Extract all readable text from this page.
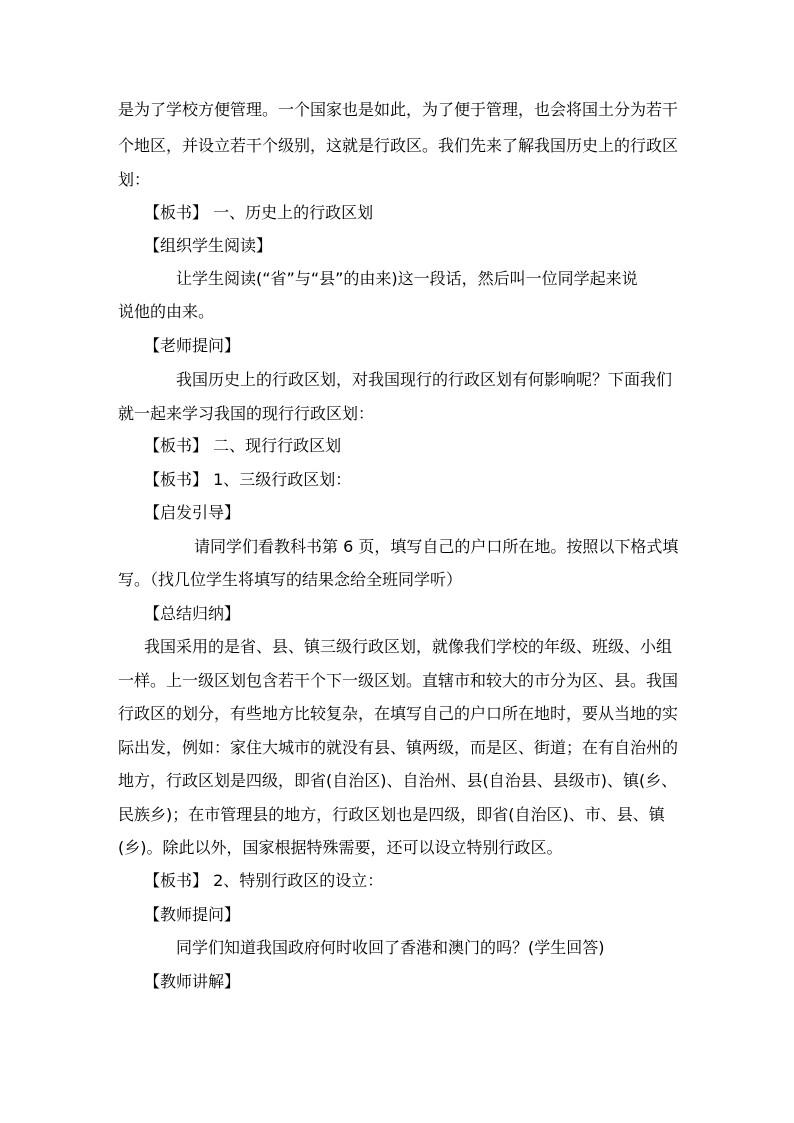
是为了学校方便管理。一个国家也是如此，为了便于管理，也会将国土分为若干
个地区，并设立若干个级别，这就是行政区。我们先来了解我国历史上的行政区
划：
【板书】 一、历史上的行政区划
【组织学生阅读】
让学生阅读(“省”与“县”的由来)这一段话，然后叫一位同学起来说
说他的由来。
【老师提问】
我国历史上的行政区划，对我国现行的行政区划有何影响呢？下面我们
就一起来学习我国的现行行政区划：
【板书】 二、现行行政区划
【板书】 1、三级行政区划：
【启发引导】
请同学们看教科书第 6 页，填写自己的户口所在地。按照以下格式填
写。（找几位学生将填写的结果念给全班同学听）
【总结归纳】
我国采用的是省、县、镇三级行政区划，就像我们学校的年级、班级、小组
一样。上一级区划包含若干个下一级区划。直辖市和较大的市分为区、县。我国
行政区的划分，有些地方比较复杂，在填写自己的户口所在地时，要从当地的实
际出发，例如：家住大城市的就没有县、镇两级，而是区、街道；在有自治州的
地方，行政区划是四级，即省(自治区)、自治州、县(自治县、县级市)、镇(乡、
民族乡)；在市管理县的地方，行政区划也是四级，即省(自治区)、市、县、镇
(乡)。除此以外，国家根据特殊需要，还可以设立特别行政区。
【板书】 2、特别行政区的设立：
【教师提问】
同学们知道我国政府何时收回了香港和澳门的吗？(学生回答)
【教师讲解】
